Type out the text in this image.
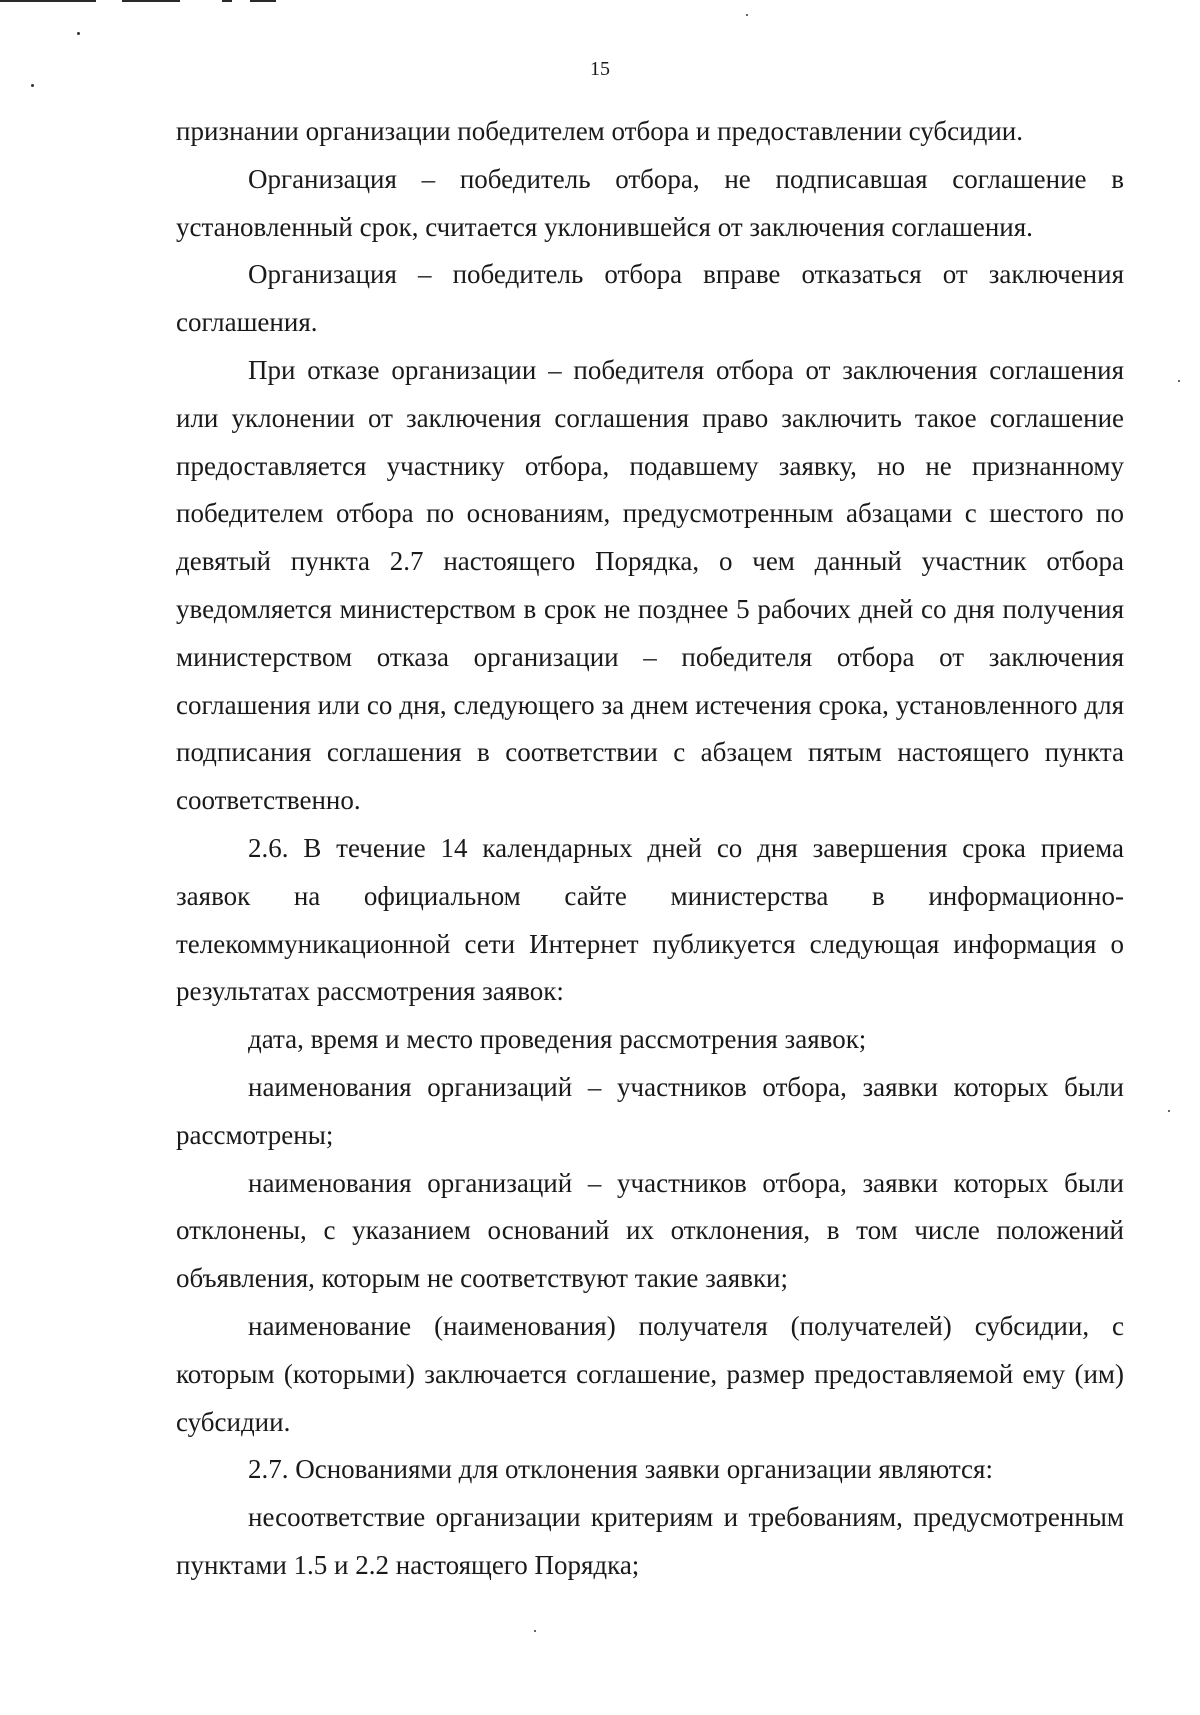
15

признании организации победителем отбора и предоставлении субсидии.

Организация – победитель отбора, не подписавшая соглашение в установленный срок, считается уклонившейся от заключения соглашения.

Организация – победитель отбора вправе отказаться от заключения соглашения.

При отказе организации – победителя отбора от заключения соглашения или уклонении от заключения соглашения право заключить такое соглашение предоставляется участнику отбора, подавшему заявку, но не признанному победителем отбора по основаниям, предусмотренным абзацами с шестого по девятый пункта 2.7 настоящего Порядка, о чем данный участник отбора уведомляется министерством в срок не позднее 5 рабочих дней со дня получения министерством отказа организации – победителя отбора от заключения соглашения или со дня, следующего за днем истечения срока, установленного для подписания соглашения в соответствии с абзацем пятым настоящего пункта соответственно.

2.6. В течение 14 календарных дней со дня завершения срока приема заявок на официальном сайте министерства в информационно-телекоммуникационной сети Интернет публикуется следующая информация о результатах рассмотрения заявок:

дата, время и место проведения рассмотрения заявок;

наименования организаций – участников отбора, заявки которых были рассмотрены;

наименования организаций – участников отбора, заявки которых были отклонены, с указанием оснований их отклонения, в том числе положений объявления, которым не соответствуют такие заявки;

наименование (наименования) получателя (получателей) субсидии, с которым (которыми) заключается соглашение, размер предоставляемой ему (им) субсидии.

2.7. Основаниями для отклонения заявки организации являются:

несоответствие организации критериям и требованиям, предусмотренным пунктами 1.5 и 2.2 настоящего Порядка;
